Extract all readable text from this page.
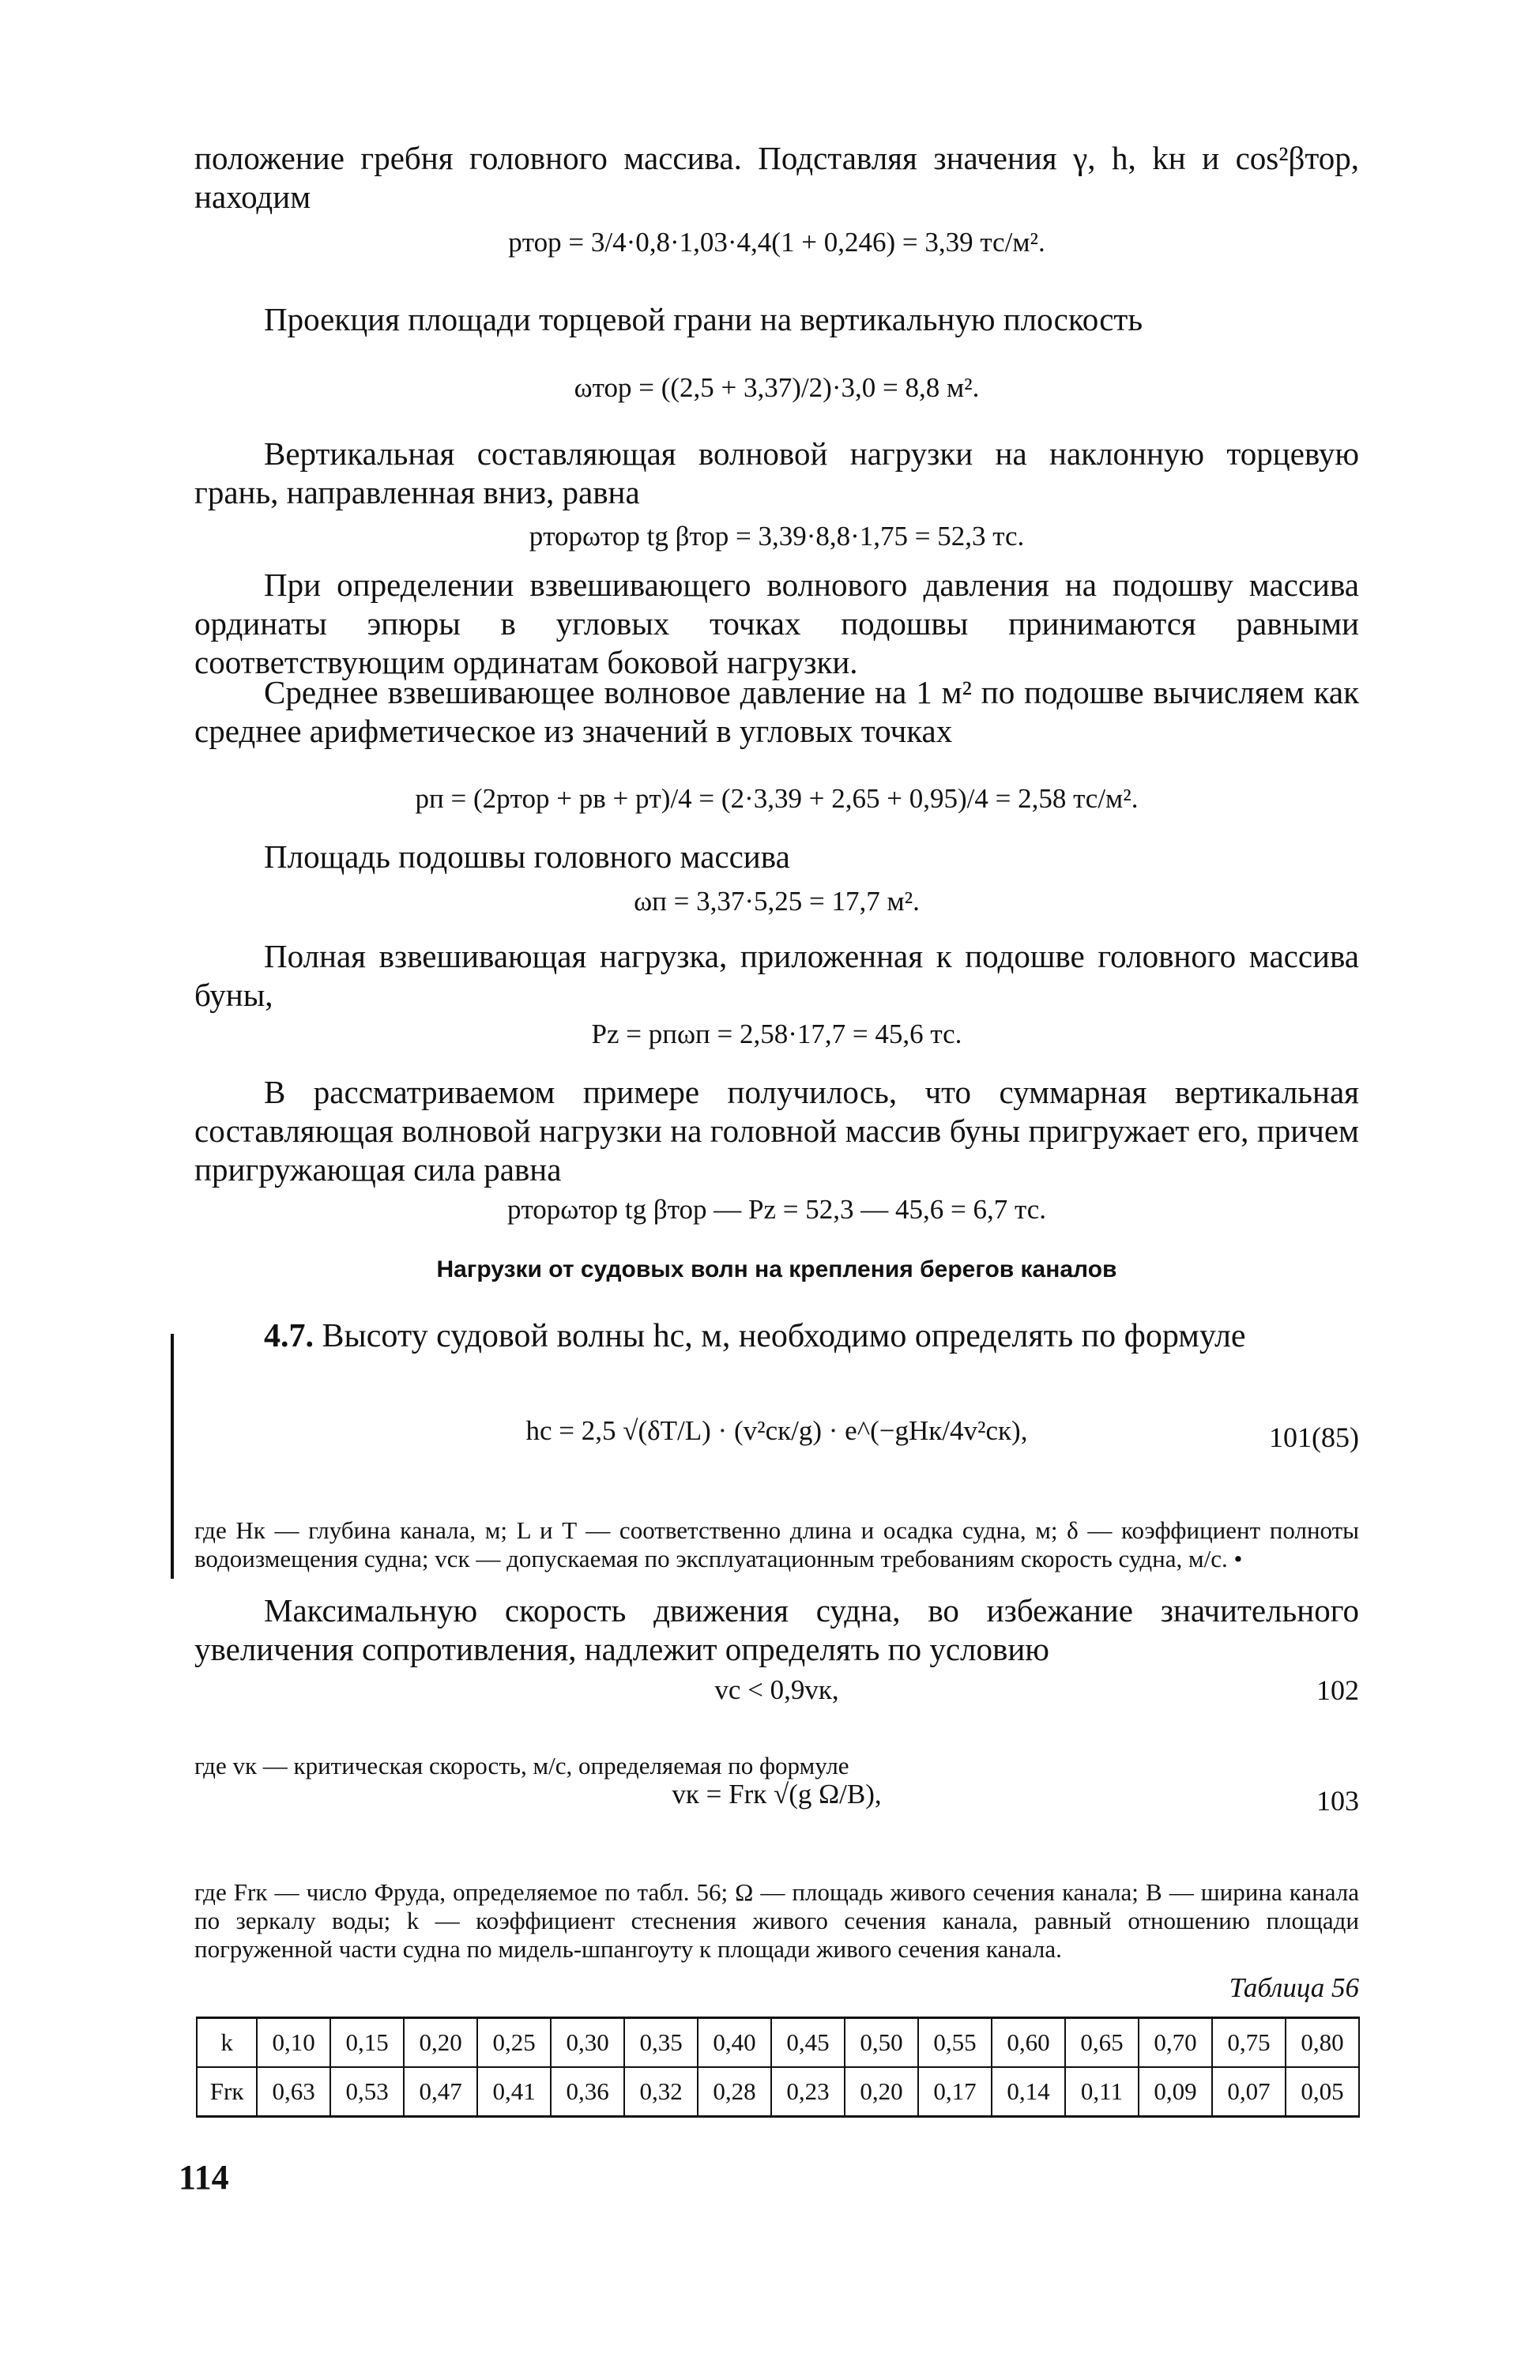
положение гребня головного массива. Подставляя значения γ, h, kн и cos²βтор, находим

pтор = 3/4·0,8·1,03·4,4(1 + 0,246) = 3,39 тс/м².

Проекция площади торцевой грани на вертикальную плоскость

ωтор = ((2,5 + 3,37)/2)·3,0 = 8,8 м².

Вертикальная составляющая волновой нагрузки на наклонную торцевую грань, направленная вниз, равна

pторωтор tg βтор = 3,39·8,8·1,75 = 52,3 тс.

При определении взвешивающего волнового давления на подошву массива ординаты эпюры в угловых точках подошвы принимаются равными соответствующим ординатам боковой нагрузки.

Среднее взвешивающее волновое давление на 1 м² по подошве вычисляем как среднее арифметическое из значений в угловых точках

pп = (2pтор + pв + pт)/4 = (2·3,39 + 2,65 + 0,95)/4 = 2,58 тс/м².

Площадь подошвы головного массива

ωп = 3,37·5,25 = 17,7 м².

Полная взвешивающая нагрузка, приложенная к подошве головного массива буны,

Pz = pпωп = 2,58·17,7 = 45,6 тс.

В рассматриваемом примере получилось, что суммарная вертикальная составляющая волновой нагрузки на головной массив буны пригружает его, причем пригружающая сила равна

pторωтор tg βтор — Pz = 52,3 — 45,6 = 6,7 тс.
Нагрузки от судовых волн на крепления берегов каналов
4.7. Высоту судовой волны hс, м, необходимо определять по формуле
hс = 2,5 √(δT/L) · (v²ск/g) · e^(−gHк/4v²ск),	101(85)

где Hк — глубина канала, м; L и T — соответственно длина и осадка судна, м; δ — коэффициент полноты водоизмещения судна; vск — допускаемая по эксплуатационным требованиям скорость судна, м/с. •

Максимальную скорость движения судна, во избежание значительного увеличения сопротивления, надлежит определять по условию

vс < 0,9vк,	102

где vк — критическая скорость, м/с, определяемая по формуле

vк = Frк √(g Ω/B),	103

где Frк — число Фруда, определяемое по табл. 56; Ω — площадь живого сечения канала; B — ширина канала по зеркалу воды; k — коэффициент стеснения живого сечения канала, равный отношению площади погруженной части судна по мидель-шпангоуту к площади живого сечения канала.

Таблица 56
k	0,10	0,15	0,20	0,25	0,30	0,35	0,40	0,45	0,50	0,55	0,60	0,65	0,70	0,75	0,80
Frк	0,63	0,53	0,47	0,41	0,36	0,32	0,28	0,23	0,20	0,17	0,14	0,11	0,09	0,07	0,05
114
